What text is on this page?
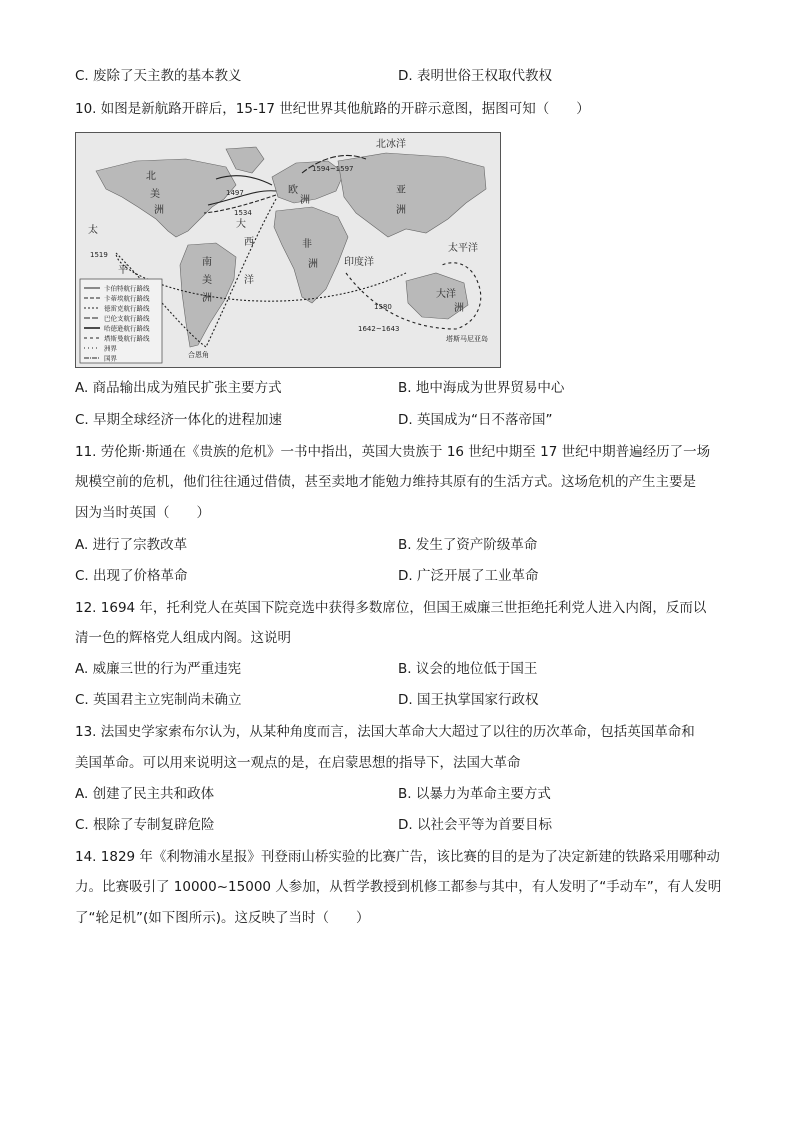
C. 废除了天主教的基本教义	D. 表明世俗王权取代教权
10. 如图是新航路开辟后，15-17 世纪世界其他航路的开辟示意图，据图可知（　　）
北
美
洲
南
美
洲
大
西
洋
太
平
太平洋
欧
洲
非
洲
亚
洲
印度洋
大洋
洲
北冰洋
合恩角
塔斯马尼亚岛
1594~1597
1497
1534
1519
1580
1642~1643
卡伯特航行路线
卡蒂埃航行路线
德雷克航行路线
巴伦支航行路线
哈德逊航行路线
塔斯曼航行路线
洲界
国界
A. 商品输出成为殖民扩张主要方式	B. 地中海成为世界贸易中心
C. 早期全球经济一体化的进程加速	D. 英国成为“日不落帝国”
11. 劳伦斯·斯通在《贵族的危机》一书中指出，英国大贵族于 16 世纪中期至 17 世纪中期普遍经历了一场
规模空前的危机，他们往往通过借债，甚至卖地才能勉力维持其原有的生活方式。这场危机的产生主要是
因为当时英国（　　）
A. 进行了宗教改革	B. 发生了资产阶级革命
C. 出现了价格革命	D. 广泛开展了工业革命
12. 1694 年，托利党人在英国下院竞选中获得多数席位，但国王威廉三世拒绝托利党人进入内阁，反而以
清一色的辉格党人组成内阁。这说明
A. 威廉三世的行为严重违宪	B. 议会的地位低于国王
C. 英国君主立宪制尚未确立	D. 国王执掌国家行政权
13. 法国史学家索布尔认为，从某种角度而言，法国大革命大大超过了以往的历次革命，包括英国革命和
美国革命。可以用来说明这一观点的是，在启蒙思想的指导下，法国大革命
A. 创建了民主共和政体	B. 以暴力为革命主要方式
C. 根除了专制复辟危险	D. 以社会平等为首要目标
14. 1829 年《利物浦水星报》刊登雨山桥实验的比赛广告，该比赛的目的是为了决定新建的铁路采用哪种动
力。比赛吸引了 10000~15000 人参加，从哲学教授到机修工都参与其中，有人发明了“手动车”，有人发明
了“轮足机”(如下图所示)。这反映了当时（　　）
